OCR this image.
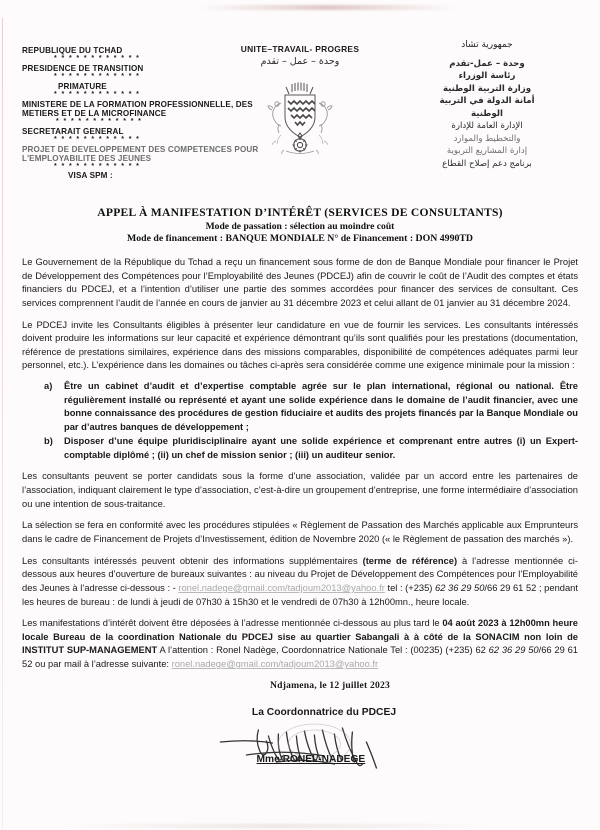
REPUBLIQUE DU TCHAD
* * * * * * * * * * * *
PRESIDENCE DE TRANSITION
* * * * * * * * * * * *
PRIMATURE
* * * * * * * * * * * *
MINISTERE DE LA FORMATION PROFESSIONNELLE, DES METIERS ET DE LA MICROFINANCE
* * * * * * * * * * * *
SECRETARAIT GENERAL
* * * * * * * * * * * *
PROJET DE DEVELOPPEMENT DES COMPETENCES POUR L'EMPLOYABILITE DES JEUNES
* * * * * * * * * * * *
VISA SPM :
UNITE–TRAVAIL- PROGRES
وحدة – عمل – تقدم
جمهورية تشاد
وحدة – عمل-تقدم
رئاسة الوزراء
وزارة التربية الوطنية
أمانة الدولة في التربية
الوطنية
الإدارة العامة للإدارة
والتخطيط والموارد
إدارة المشاريع التربوية
برنامج دعم إصلاح القطاع
APPEL À MANIFESTATION D’INTÉRÊT (SERVICES DE CONSULTANTS)
Mode de passation : sélection au moindre coût
Mode de financement : BANQUE MONDIALE N° de Financement : DON 4990TD

Le Gouvernement de la République du Tchad a reçu un financement sous forme de don de Banque Mondiale pour financer le Projet de Développement des Compétences pour l’Employabilité des Jeunes (PDCEJ) afin de couvrir le coût de l’Audit des comptes et états financiers du PDCEJ, et a l’intention d’utiliser une partie des sommes accordées pour financer des services de consultant. Ces services comprennent l’audit de l’année en cours de janvier au 31 décembre 2023 et celui allant de 01 janvier au 31 décembre 2024.

Le PDCEJ invite les Consultants éligibles à présenter leur candidature en vue de fournir les services. Les consultants intéressés doivent produire les informations sur leur capacité et expérience démontrant qu’ils sont qualifiés pour les prestations (documentation, référence de prestations similaires, expérience dans des missions comparables, disponibilité de compétences adéquates parmi leur personnel, etc.). L’expérience dans les domaines ou tâches ci-après sera considérée comme une exigence minimale pour la mission :

Être un cabinet d’audit et d’expertise comptable agrée sur le plan international, régional ou national. Être régulièrement installé ou représenté et ayant une solide expérience dans le domaine de l’audit financier, avec une bonne connaissance des procédures de gestion fiduciaire et audits des projets financés par la Banque Mondiale ou par d’autres banques de développement ;
Disposer d’une équipe pluridisciplinaire ayant une solide expérience et comprenant entre autres (i) un Expert-comptable diplômé ; (ii) un chef de mission senior ; (iii) un auditeur senior.

Les consultants peuvent se porter candidats sous la forme d’une association, validée par un accord entre les partenaires de l’association, indiquant clairement le type d’association, c’est-à-dire un groupement d’entreprise, une forme intermédiaire d’association ou une intention de sous-traitance.

La sélection se fera en conformité avec les procédures stipulées « Règlement de Passation des Marchés applicable aux Emprunteurs dans le cadre de Financement de Projets d’Investissement, édition de Novembre 2020 (« le Règlement de passation des marchés »).

Les consultants intéressés peuvent obtenir des informations supplémentaires (terme de référence) à l’adresse mentionnée ci-dessous aux heures d’ouverture de bureaux suivantes : au niveau du Projet de Développement des Compétences pour l’Employabilité des Jeunes à l’adresse ci-dessous : - ronel.nadege@gmail.com/tadjoum2013@yahoo.fr tel : (+235) 62 36 29 50/66 29 61 52 ; pendant les heures de bureau : de lundi à jeudi de 07h30 à 15h30 et le vendredi de 07h30 à 12h00mn., heure locale.

Les manifestations d’intérêt doivent être déposées à l’adresse mentionnée ci-dessous au plus tard le 04 août 2023 à 12h00mn heure locale Bureau de la coordination Nationale du PDCEJ sise au quartier Sabangali à à côté de la SONACIM non loin de INSTITUT SUP-MANAGEMENT A l’attention : Ronel Nadège, Coordonnatrice Nationale Tel : (00235) (+235) 62 62 36 29 50/66 29 61 52 ou par mail à l’adresse suivante: ronel.nadege@gmail.com/tadjoum2013@yahoo.fr

Ndjamena, le 12 juillet 2023
La Coordonnatrice du PDCEJ
Mme RONEL-NADEGE
